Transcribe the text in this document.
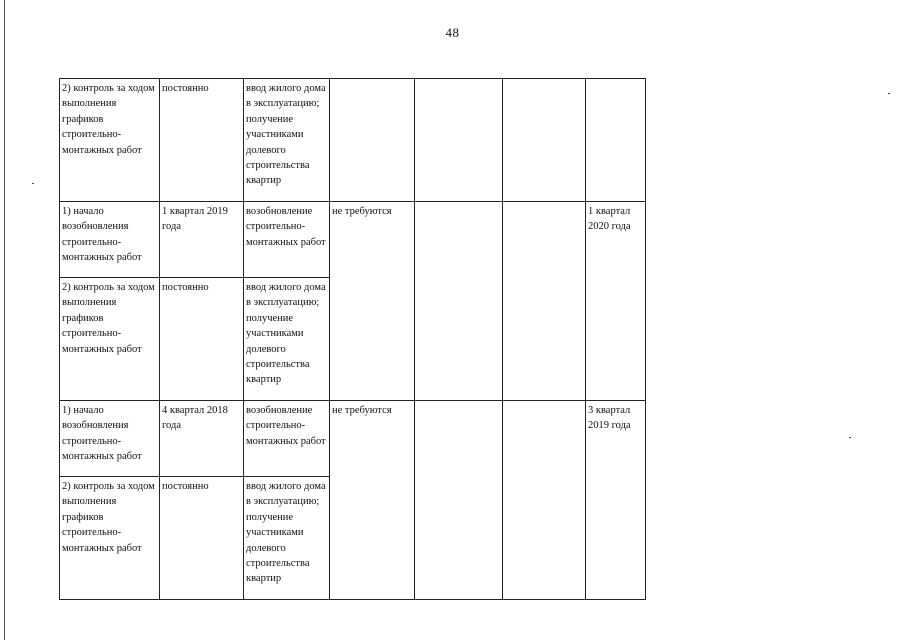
48
2) контроль за ходом выполнения графиков строительно-монтажных работ	постоянно	ввод жилого дома в эксплуатацию; получение участниками долевого строительства квартир				
1) начало возобновления строительно-монтажных работ	1 квартал 2019 года	возобновление строительно-монтажных работ	не требуются			1 квартал 2020 года
2) контроль за ходом выполнения графиков строительно-монтажных работ	постоянно	ввод жилого дома в эксплуатацию; получение участниками долевого строительства квартир				
1) начало возобновления строительно-монтажных работ	4 квартал 2018 года	возобновление строительно-монтажных работ	не требуются			3 квартал 2019 года
2) контроль за ходом выполнения графиков строительно-монтажных работ	постоянно	ввод жилого дома в эксплуатацию; получение участниками долевого строительства квартир				
